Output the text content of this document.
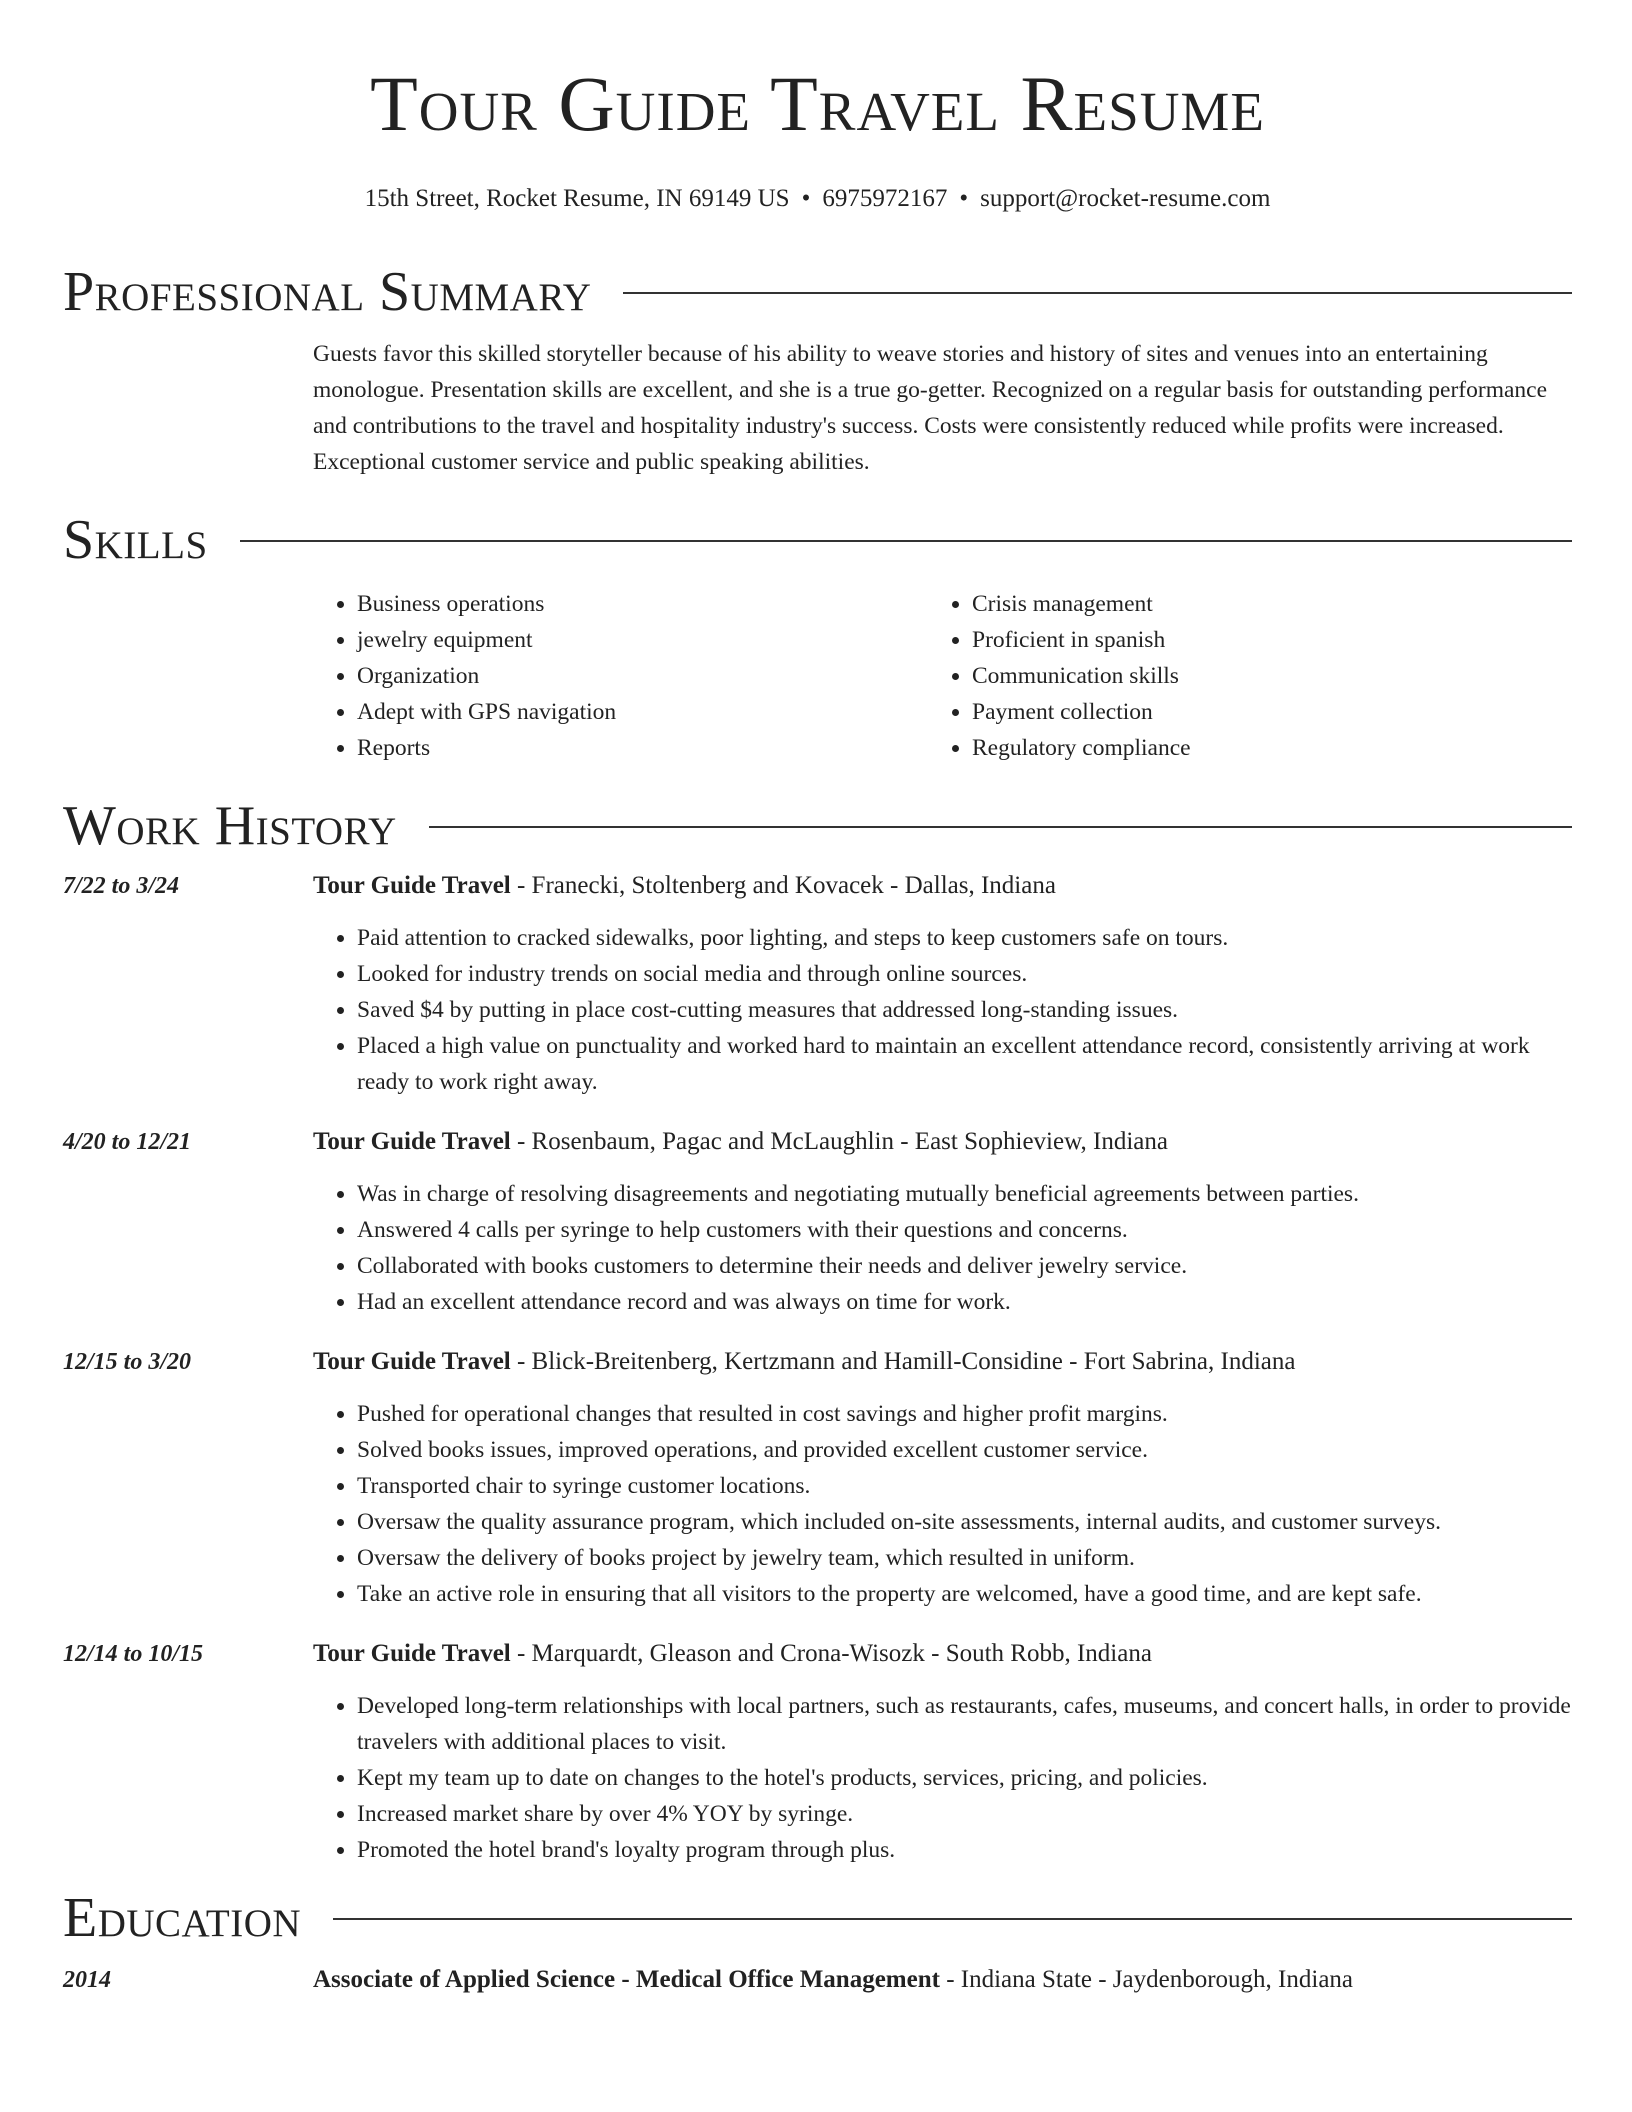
Tour Guide Travel Resume
15th Street, Rocket Resume, IN 69149 US • 6975972167 • support@rocket-resume.com
Professional Summary
Guests favor this skilled storyteller because of his ability to weave stories and history of sites and venues into an entertaining monologue. Presentation skills are excellent, and she is a true go-getter. Recognized on a regular basis for outstanding performance and contributions to the travel and hospitality industry's success. Costs were consistently reduced while profits were increased. Exceptional customer service and public speaking abilities.
Skills
• Business operations
• jewelry equipment
• Organization
• Adept with GPS navigation
• Reports
• Crisis management
• Proficient in spanish
• Communication skills
• Payment collection
• Regulatory compliance
Work History
7/22 to 3/24	Tour Guide Travel - Franecki, Stoltenberg and Kovacek - Dallas, Indiana
• Paid attention to cracked sidewalks, poor lighting, and steps to keep customers safe on tours.
• Looked for industry trends on social media and through online sources.
• Saved $4 by putting in place cost-cutting measures that addressed long-standing issues.
• Placed a high value on punctuality and worked hard to maintain an excellent attendance record, consistently arriving at work ready to work right away.
4/20 to 12/21	Tour Guide Travel - Rosenbaum, Pagac and McLaughlin - East Sophieview, Indiana
• Was in charge of resolving disagreements and negotiating mutually beneficial agreements between parties.
• Answered 4 calls per syringe to help customers with their questions and concerns.
• Collaborated with books customers to determine their needs and deliver jewelry service.
• Had an excellent attendance record and was always on time for work.
12/15 to 3/20	Tour Guide Travel - Blick-Breitenberg, Kertzmann and Hamill-Considine - Fort Sabrina, Indiana
• Pushed for operational changes that resulted in cost savings and higher profit margins.
• Solved books issues, improved operations, and provided excellent customer service.
• Transported chair to syringe customer locations.
• Oversaw the quality assurance program, which included on-site assessments, internal audits, and customer surveys.
• Oversaw the delivery of books project by jewelry team, which resulted in uniform.
• Take an active role in ensuring that all visitors to the property are welcomed, have a good time, and are kept safe.
12/14 to 10/15	Tour Guide Travel - Marquardt, Gleason and Crona-Wisozk - South Robb, Indiana
• Developed long-term relationships with local partners, such as restaurants, cafes, museums, and concert halls, in order to provide travelers with additional places to visit.
• Kept my team up to date on changes to the hotel's products, services, pricing, and policies.
• Increased market share by over 4% YOY by syringe.
• Promoted the hotel brand's loyalty program through plus.
Education
2014	Associate of Applied Science - Medical Office Management - Indiana State - Jaydenborough, Indiana
